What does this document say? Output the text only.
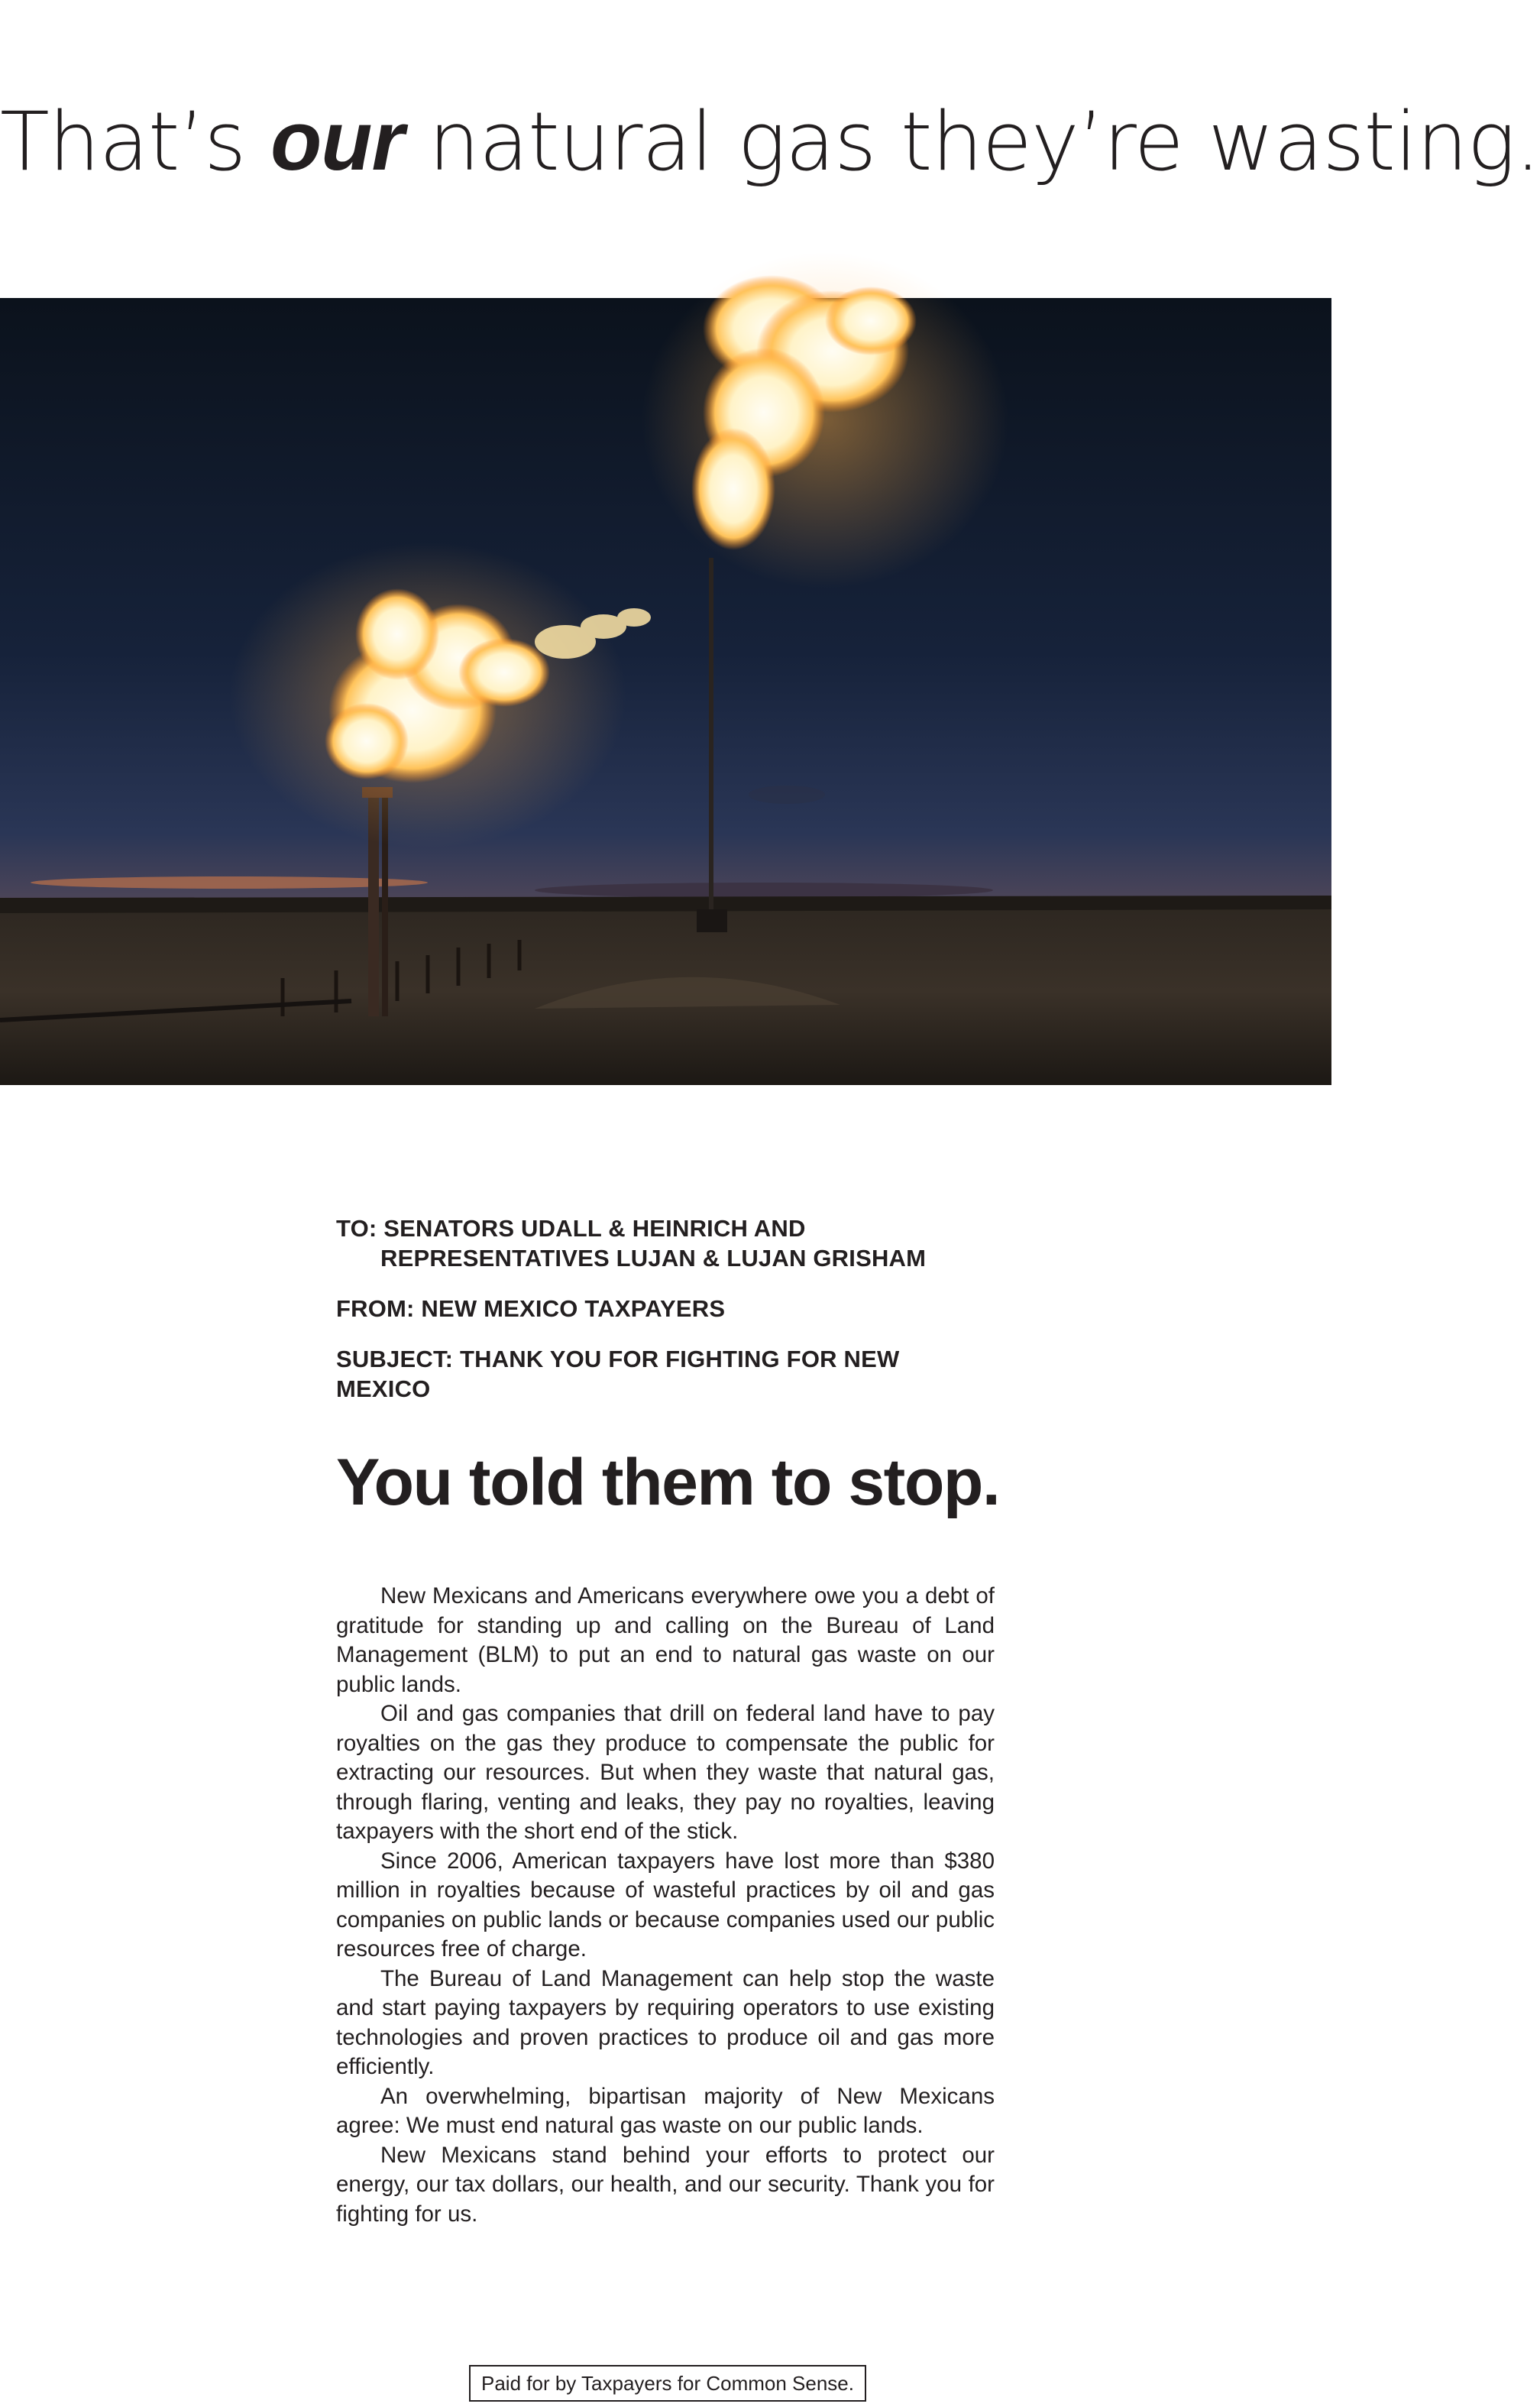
That’s our natural gas they’re wasting.
TO: SENATORS UDALL & HEINRICH AND
REPRESENTATIVES LUJAN & LUJAN GRISHAM
FROM: NEW MEXICO TAXPAYERS
SUBJECT: THANK YOU FOR FIGHTING FOR NEW MEXICO
You told them to stop.

New Mexicans and Americans everywhere owe you a debt of gratitude for standing up and calling on the Bureau of Land Management (BLM) to put an end to natural gas waste on our public lands.

Oil and gas companies that drill on federal land have to pay royalties on the gas they produce to compensate the public for extracting our resources. But when they waste that natural gas, through flaring, venting and leaks, they pay no royalties, leaving taxpayers with the short end of the stick.

Since 2006, American taxpayers have lost more than $380 million in royalties because of wasteful practices by oil and gas companies on public lands or because companies used our public resources free of charge.

The Bureau of Land Management can help stop the waste and start paying taxpayers by requiring operators to use existing technologies and proven practices to produce oil and gas more efficiently.

An overwhelming, bipartisan majority of New Mexicans agree: We must end natural gas waste on our public lands.

New Mexicans stand behind your efforts to protect our energy, our tax dollars, our health, and our security. Thank you for fighting for us.

Paid for by Taxpayers for Common Sense.
